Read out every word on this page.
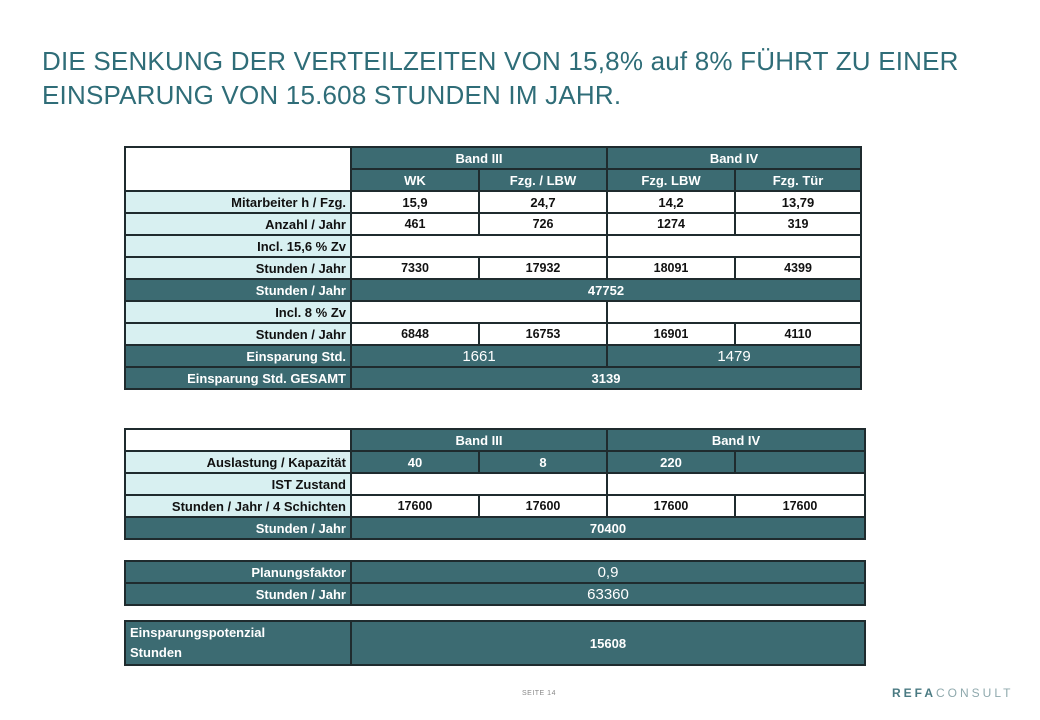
DIE SENKUNG DER VERTEILZEITEN VON 15,8% auf 8% FÜHRT ZU EINER EINSPARUNG VON 15.608 STUNDEN IM JAHR.
	Band III		Band IV	
	WK	Fzg. / LBW	Fzg. LBW	Fzg. Tür
Mitarbeiter h / Fzg.	15,9	24,7	14,2	13,79
Anzahl / Jahr	461	726	1274	319
Incl. 15,6 % Zv				
Stunden / Jahr	7330	17932	18091	4399
Stunden / Jahr	47752			
Incl. 8 % Zv				
Stunden / Jahr	6848	16753	16901	4110
Einsparung Std.	1661		1479	
Einsparung Std. GESAMT	3139			
	Band III		Band IV	
Auslastung / Kapazität	40	8	220	
IST Zustand				
Stunden / Jahr / 4 Schichten	17600	17600	17600	17600
Stunden / Jahr	70400			
Planungsfaktor	0,9
Stunden / Jahr	63360
Einsparungspotenzial
Stunden	15608
SEITE 14	REFACONSULT
